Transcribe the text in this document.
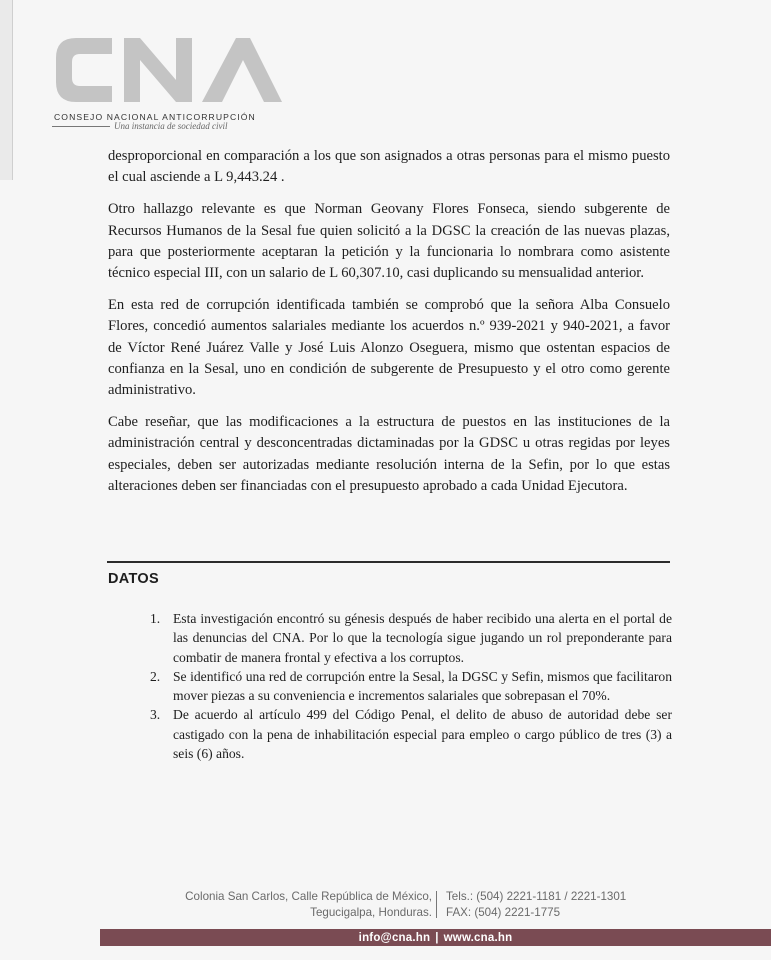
CONSEJO NACIONAL ANTICORRUPCIÓN
Una instancia de sociedad civil

desproporcional en comparación a los que son asignados a otras personas para el mismo puesto el cual asciende a L 9,443.24 .

Otro hallazgo relevante es que Norman Geovany Flores Fonseca, siendo subgerente de Recursos Humanos de la Sesal fue quien solicitó a la DGSC la creación de las nuevas plazas, para que posteriormente aceptaran la petición y la funcionaria lo nombrara como asistente técnico especial III, con un salario de L 60,307.10, casi duplicando su mensualidad anterior.

En esta red de corrupción identificada también se comprobó que la señora Alba Consuelo Flores, concedió aumentos salariales mediante los acuerdos n.º 939-2021 y 940-2021, a favor de Víctor René Juárez Valle y José Luis Alonzo Oseguera, mismo que ostentan espacios de confianza en la Sesal, uno en condición de subgerente de Presupuesto y el otro como gerente administrativo.

Cabe reseñar, que las modificaciones a la estructura de puestos en las instituciones de la administración central y desconcentradas dictaminadas por la GDSC u otras regidas por leyes especiales, deben ser autorizadas mediante resolución interna de la Sefin, por lo que estas alteraciones deben ser financiadas con el presupuesto aprobado a cada Unidad Ejecutora.

DATOS
1. Esta investigación encontró su génesis después de haber recibido una alerta en el portal de las denuncias del CNA. Por lo que la tecnología sigue jugando un rol preponderante para combatir de manera frontal y efectiva a los corruptos.
2. Se identificó una red de corrupción entre la Sesal, la DGSC y Sefin, mismos que facilitaron mover piezas a su conveniencia e incrementos salariales que sobrepasan el 70%.
3. De acuerdo al artículo 499 del Código Penal, el delito de abuso de autoridad debe ser castigado con la pena de inhabilitación especial para empleo o cargo público de tres (3) a seis (6) años.
Colonia San Carlos, Calle República de México,
Tegucigalpa, Honduras.
Tels.: (504) 2221-1181 / 2221-1301
FAX: (504) 2221-1775
info@cna.hn | www.cna.hn
